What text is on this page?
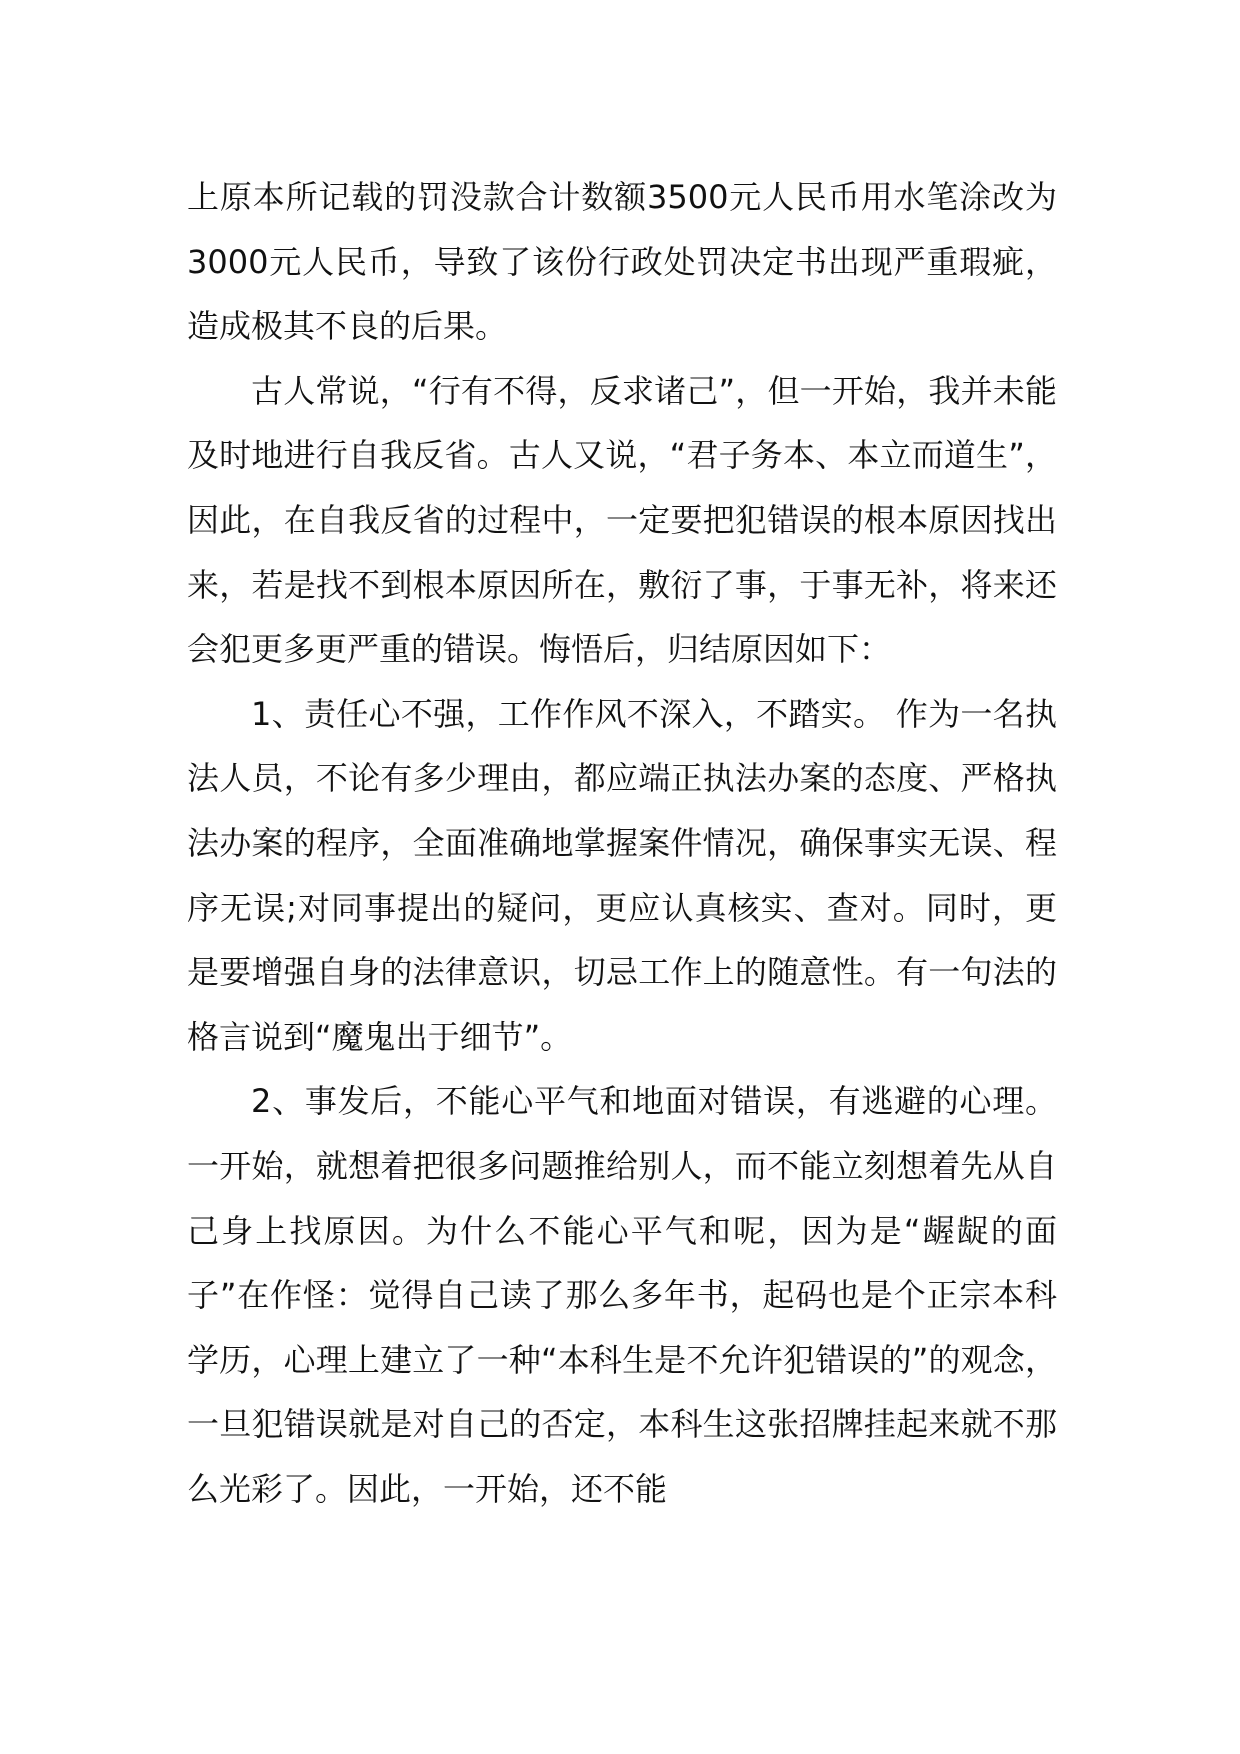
上原本所记载的罚没款合计数额3500元人民币用水笔涂改为3000元人民币，导致了该份行政处罚决定书出现严重瑕疵，造成极其不良的后果。

古人常说，“行有不得，反求诸己”，但一开始，我并未能及时地进行自我反省。古人又说，“君子务本、本立而道生”，因此，在自我反省的过程中，一定要把犯错误的根本原因找出来，若是找不到根本原因所在，敷衍了事，于事无补，将来还会犯更多更严重的错误。悔悟后，归结原因如下：

1、责任心不强，工作作风不深入，不踏实。 作为一名执法人员，不论有多少理由，都应端正执法办案的态度、严格执法办案的程序，全面准确地掌握案件情况，确保事实无误、程序无误;对同事提出的疑问，更应认真核实、查对。同时，更是要增强自身的法律意识，切忌工作上的随意性。有一句法的格言说到“魔鬼出于细节”。

2、事发后，不能心平气和地面对错误，有逃避的心理。一开始，就想着把很多问题推给别人，而不能立刻想着先从自己身上找原因。为什么不能心平气和呢，因为是“龌龊的面子”在作怪：觉得自己读了那么多年书，起码也是个正宗本科学历，心理上建立了一种“本科生是不允许犯错误的”的观念，一旦犯错误就是对自己的否定，本科生这张招牌挂起来就不那么光彩了。因此，一开始，还不能
